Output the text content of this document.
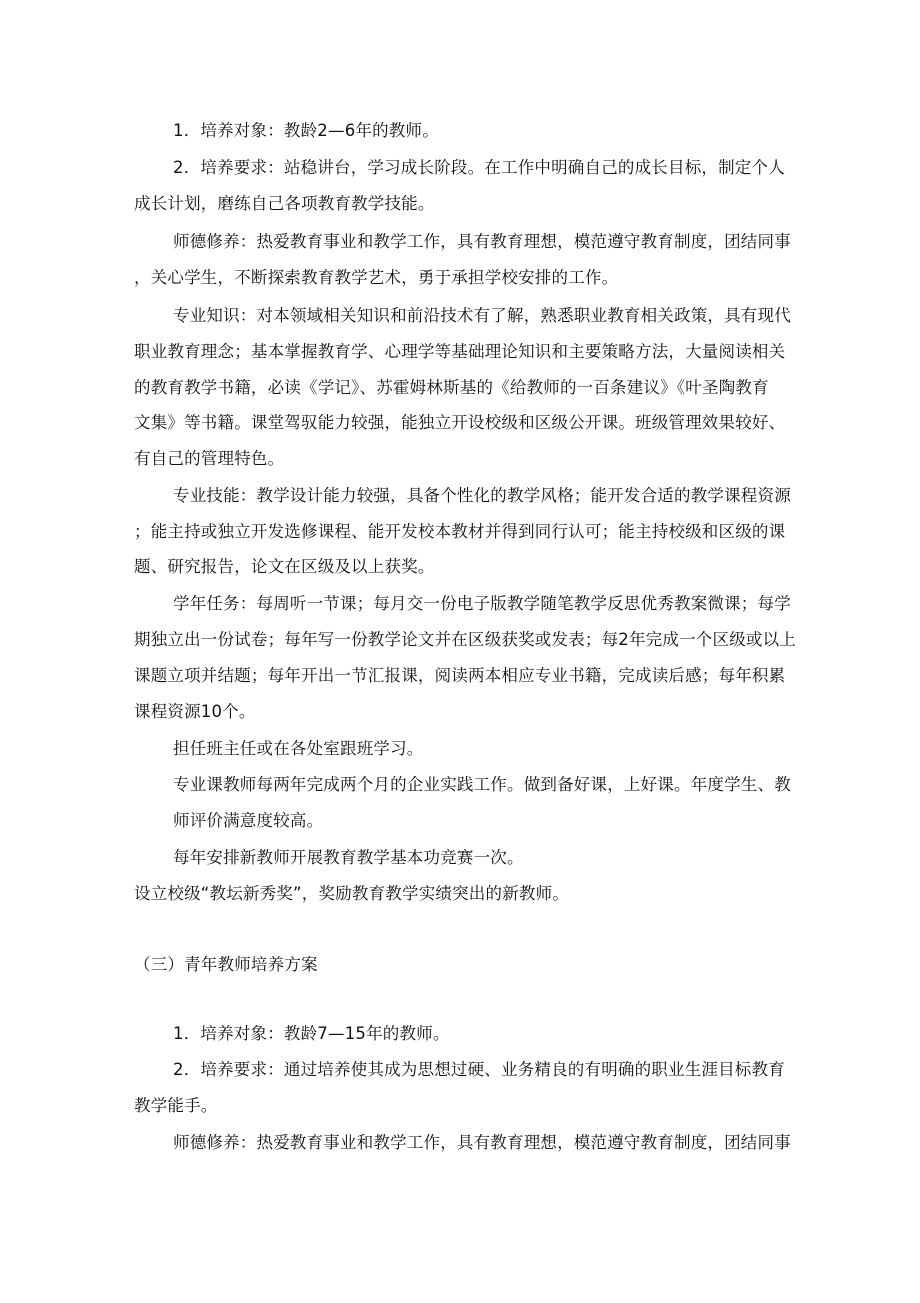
1．培养对象：教龄2—6年的教师。
2．培养要求：站稳讲台，学习成长阶段。在工作中明确自己的成长目标，制定个人
成长计划，磨练自己各项教育教学技能。
师德修养：热爱教育事业和教学工作，具有教育理想，模范遵守教育制度，团结同事
，关心学生，不断探索教育教学艺术，勇于承担学校安排的工作。
专业知识：对本领域相关知识和前沿技术有了解，熟悉职业教育相关政策，具有现代
职业教育理念；基本掌握教育学、心理学等基础理论知识和主要策略方法，大量阅读相关
的教育教学书籍，必读《学记》、苏霍姆林斯基的《给教师的一百条建议》《叶圣陶教育
文集》等书籍。课堂驾驭能力较强，能独立开设校级和区级公开课。班级管理效果较好、
有自己的管理特色。
专业技能：教学设计能力较强，具备个性化的教学风格；能开发合适的教学课程资源
；能主持或独立开发选修课程、能开发校本教材并得到同行认可；能主持校级和区级的课
题、研究报告，论文在区级及以上获奖。
学年任务：每周听一节课；每月交一份电子版教学随笔教学反思优秀教案微课；每学
期独立出一份试卷；每年写一份教学论文并在区级获奖或发表；每2年完成一个区级或以上
课题立项并结题；每年开出一节汇报课，阅读两本相应专业书籍，完成读后感；每年积累
课程资源10个。
担任班主任或在各处室跟班学习。
专业课教师每两年完成两个月的企业实践工作。做到备好课，上好课。年度学生、教
师评价满意度较高。
每年安排新教师开展教育教学基本功竞赛一次。
设立校级“教坛新秀奖”，奖励教育教学实绩突出的新教师。
（三）青年教师培养方案
1．培养对象：教龄7—15年的教师。
2．培养要求：通过培养使其成为思想过硬、业务精良的有明确的职业生涯目标教育
教学能手。
师德修养：热爱教育事业和教学工作，具有教育理想，模范遵守教育制度，团结同事
